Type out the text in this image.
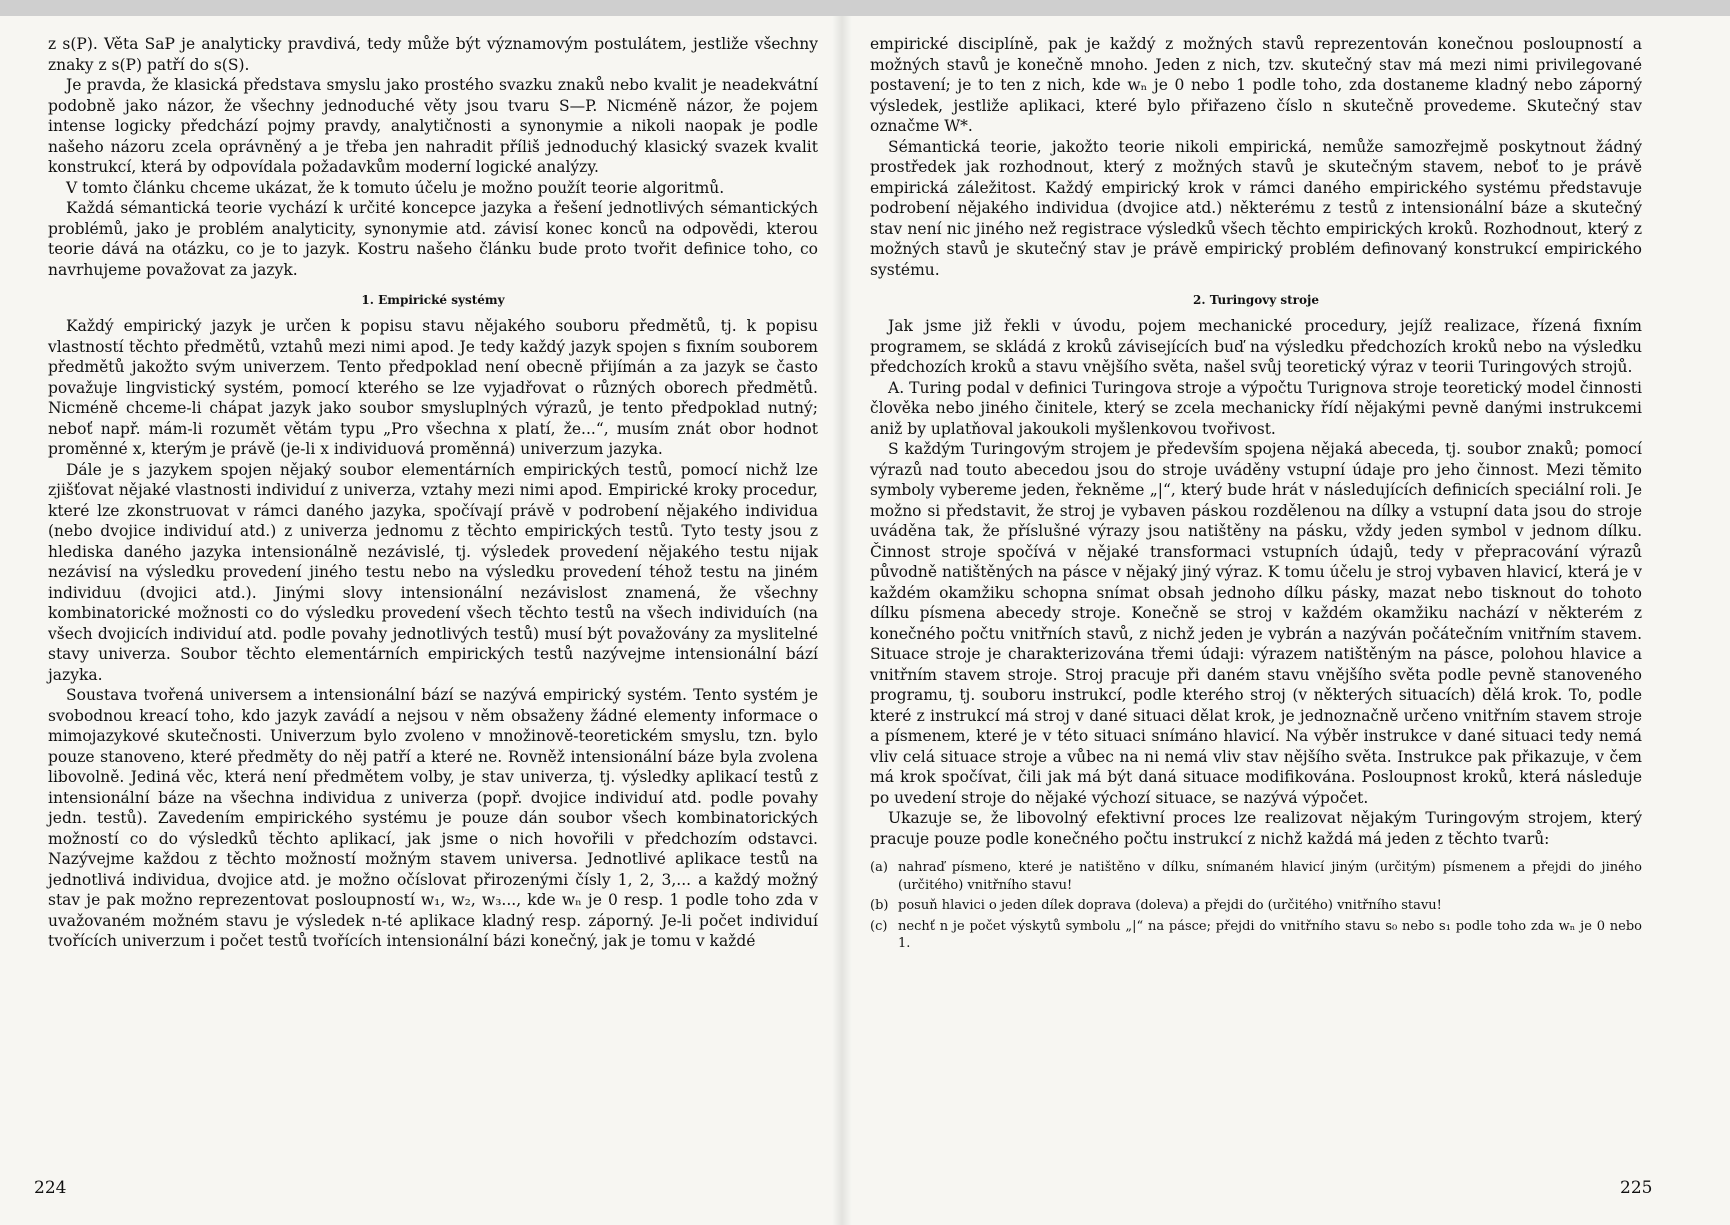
z s(P). Věta SaP je analyticky pravdivá, tedy může být významovým postulátem, jestliže všechny znaky z s(P) patří do s(S).

Je pravda, že klasická představa smyslu jako prostého svazku znaků nebo kvalit je neadekvátní podobně jako názor, že všechny jednoduché věty jsou tvaru S—P. Nicméně názor, že pojem intense logicky předchází pojmy pravdy, analytičnosti a synonymie a nikoli naopak je podle našeho názoru zcela oprávněný a je třeba jen nahradit příliš jednoduchý klasický svazek kvalit konstrukcí, která by odpovídala požadavkům moderní logické analýzy.

V tomto článku chceme ukázat, že k tomuto účelu je možno použít teorie algoritmů.

Každá sémantická teorie vychází k určité koncepce jazyka a řešení jednotlivých sémantických problémů, jako je problém analyticity, synonymie atd. závisí konec konců na odpovědi, kterou teorie dává na otázku, co je to jazyk. Kostru našeho článku bude proto tvořit definice toho, co navrhujeme považovat za jazyk.

1. Empirické systémy

Každý empirický jazyk je určen k popisu stavu nějakého souboru předmětů, tj. k popisu vlastností těchto předmětů, vztahů mezi nimi apod. Je tedy každý jazyk spojen s fixním souborem předmětů jakožto svým univerzem. Tento předpoklad není obecně přijímán a za jazyk se často považuje lingvistický systém, pomocí kterého se lze vyjadřovat o různých oborech předmětů. Nicméně chceme-li chápat jazyk jako soubor smysluplných výrazů, je tento předpoklad nutný; neboť např. mám-li rozumět větám typu „Pro všechna x platí, že...“, musím znát obor hodnot proměnné x, kterým je právě (je-li x individuová proměnná) univerzum jazyka.

Dále je s jazykem spojen nějaký soubor elementárních empirických testů, pomocí nichž lze zjišťovat nějaké vlastnosti individuí z univerza, vztahy mezi nimi apod. Empirické kroky procedur, které lze zkonstruovat v rámci daného jazyka, spočívají právě v podrobení nějakého individua (nebo dvojice individuí atd.) z univerza jednomu z těchto empirických testů. Tyto testy jsou z hlediska daného jazyka intensionálně nezávislé, tj. výsledek provedení nějakého testu nijak nezávisí na výsledku provedení jiného testu nebo na výsledku provedení téhož testu na jiném individuu (dvojici atd.). Jinými slovy intensionální nezávislost znamená, že všechny kombinatorické možnosti co do výsledku provedení všech těchto testů na všech individuích (na všech dvojicích individuí atd. podle povahy jednotlivých testů) musí být považovány za myslitelné stavy univerza. Soubor těchto elementárních empirických testů nazývejme intensionální bází jazyka.

Soustava tvořená universem a intensionální bází se nazývá empirický systém. Tento systém je svobodnou kreací toho, kdo jazyk zavádí a nejsou v něm obsaženy žádné elementy informace o mimojazykové skutečnosti. Univerzum bylo zvoleno v množinově-teoretickém smyslu, tzn. bylo pouze stanoveno, které předměty do něj patří a které ne. Rovněž intensionální báze byla zvolena libovolně. Jediná věc, která není předmětem volby, je stav univerza, tj. výsledky aplikací testů z intensionální báze na všechna individua z univerza (popř. dvojice individuí atd. podle povahy jedn. testů). Zavedením empirického systému je pouze dán soubor všech kombinatorických možností co do výsledků těchto aplikací, jak jsme o nich hovořili v předchozím odstavci. Nazývejme každou z těchto možností možným stavem universa. Jednotlivé aplikace testů na jednotlivá individua, dvojice atd. je možno očíslovat přirozenými čísly 1, 2, 3,... a každý možný stav je pak možno reprezentovat posloupností w₁, w₂, w₃..., kde wₙ je 0 resp. 1 podle toho zda v uvažovaném možném stavu je výsledek n-té aplikace kladný resp. záporný. Je-li počet individuí tvořících univerzum i počet testů tvořících intensionální bázi konečný, jak je tomu v každé

empirické disciplíně, pak je každý z možných stavů reprezentován konečnou posloupností a možných stavů je konečně mnoho. Jeden z nich, tzv. skutečný stav má mezi nimi privilegované postavení; je to ten z nich, kde wₙ je 0 nebo 1 podle toho, zda dostaneme kladný nebo záporný výsledek, jestliže aplikaci, které bylo přiřazeno číslo n skutečně provedeme. Skutečný stav označme W*.

Sémantická teorie, jakožto teorie nikoli empirická, nemůže samozřejmě poskytnout žádný prostředek jak rozhodnout, který z možných stavů je skutečným stavem, neboť to je právě empirická záležitost. Každý empirický krok v rámci daného empirického systému představuje podrobení nějakého individua (dvojice atd.) některému z testů z intensionální báze a skutečný stav není nic jiného než registrace výsledků všech těchto empirických kroků. Rozhodnout, který z možných stavů je skutečný stav je právě empirický problém definovaný konstrukcí empirického systému.

2. Turingovy stroje

Jak jsme již řekli v úvodu, pojem mechanické procedury, jejíž realizace, řízená fixním programem, se skládá z kroků závisejících buď na výsledku předchozích kroků nebo na výsledku předchozích kroků a stavu vnějšího světa, našel svůj teoretický výraz v teorii Turingových strojů.

A. Turing podal v definici Turingova stroje a výpočtu Turignova stroje teoretický model činnosti člověka nebo jiného činitele, který se zcela mechanicky řídí nějakými pevně danými instrukcemi aniž by uplatňoval jakoukoli myšlenkovou tvořivost.

S každým Turingovým strojem je především spojena nějaká abeceda, tj. soubor znaků; pomocí výrazů nad touto abecedou jsou do stroje uváděny vstupní údaje pro jeho činnost. Mezi těmito symboly vybereme jeden, řekněme „|“, který bude hrát v následujících definicích speciální roli. Je možno si představit, že stroj je vybaven páskou rozdělenou na dílky a vstupní data jsou do stroje uváděna tak, že příslušné výrazy jsou natištěny na pásku, vždy jeden symbol v jednom dílku. Činnost stroje spočívá v nějaké transformaci vstupních údajů, tedy v přepracování výrazů původně natištěných na pásce v nějaký jiný výraz. K tomu účelu je stroj vybaven hlavicí, která je v každém okamžiku schopna snímat obsah jednoho dílku pásky, mazat nebo tisknout do tohoto dílku písmena abecedy stroje. Konečně se stroj v každém okamžiku nachází v některém z konečného počtu vnitřních stavů, z nichž jeden je vybrán a nazýván počátečním vnitřním stavem. Situace stroje je charakterizována třemi údaji: výrazem natištěným na pásce, polohou hlavice a vnitřním stavem stroje. Stroj pracuje při daném stavu vnějšího světa podle pevně stanoveného programu, tj. souboru instrukcí, podle kterého stroj (v některých situacích) dělá krok. To, podle které z instrukcí má stroj v dané situaci dělat krok, je jednoznačně určeno vnitřním stavem stroje a písmenem, které je v této situaci snímáno hlavicí. Na výběr instrukce v dané situaci tedy nemá vliv celá situace stroje a vůbec na ni nemá vliv stav nějšího světa. Instrukce pak přikazuje, v čem má krok spočívat, čili jak má být daná situace modifikována. Posloupnost kroků, která následuje po uvedení stroje do nějaké výchozí situace, se nazývá výpočet.

Ukazuje se, že libovolný efektivní proces lze realizovat nějakým Turingovým strojem, který pracuje pouze podle konečného počtu instrukcí z nichž každá má jeden z těchto tvarů:

(a) nahraď písmeno, které je natištěno v dílku, snímaném hlavicí jiným (určitým) písmenem a přejdi do jiného (určitého) vnitřního stavu!
(b) posuň hlavici o jeden dílek doprava (doleva) a přejdi do (určitého) vnitřního stavu!
(c) nechť n je počet výskytů symbolu „|“ na pásce; přejdi do vnitřního stavu s₀ nebo s₁ podle toho zda wₙ je 0 nebo 1.
224	225
